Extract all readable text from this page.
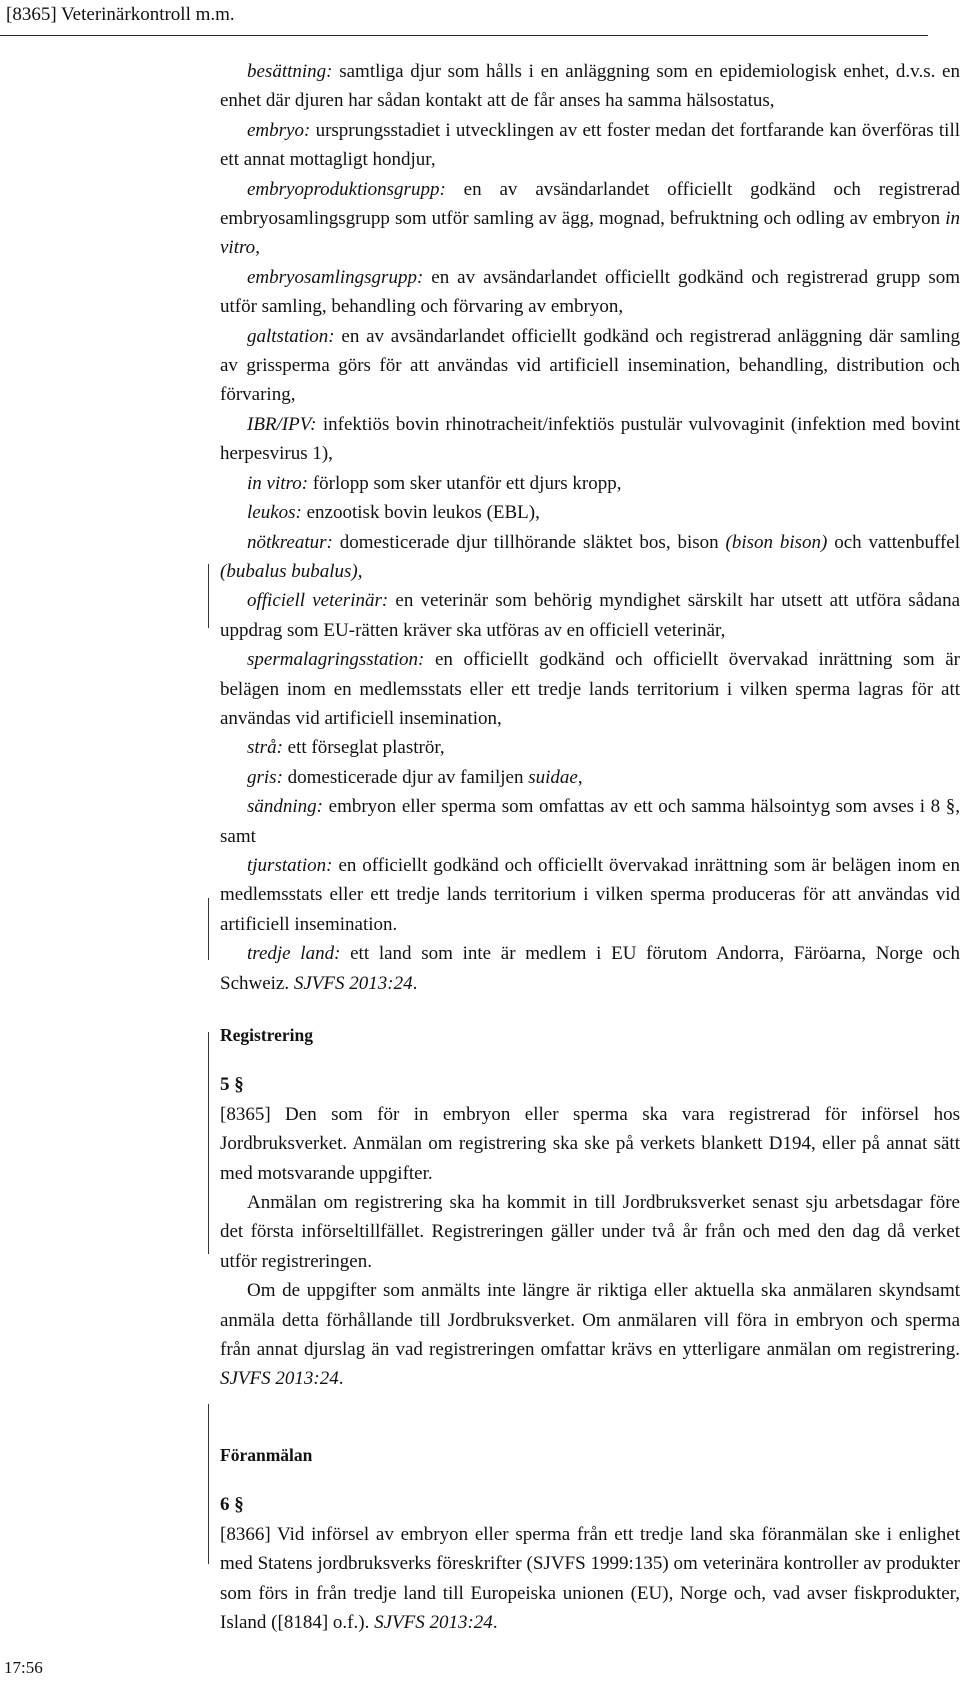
[8365] Veterinärkontroll m.m.

besättning: samtliga djur som hålls i en anläggning som en epidemiologisk enhet, d.v.s. en enhet där djuren har sådan kontakt att de får anses ha samma hälsostatus,

embryo: ursprungsstadiet i utvecklingen av ett foster medan det fortfarande kan överföras till ett annat mottagligt hondjur,

embryoproduktionsgrupp: en av avsändarlandet officiellt godkänd och registrerad embryosamlingsgrupp som utför samling av ägg, mognad, befruktning och odling av embryon in vitro,

embryosamlingsgrupp: en av avsändarlandet officiellt godkänd och registrerad grupp som utför samling, behandling och förvaring av embryon,

galtstation: en av avsändarlandet officiellt godkänd och registrerad anläggning där samling av grissperma görs för att användas vid artificiell insemination, behandling, distribution och förvaring,

IBR/IPV: infektiös bovin rhinotracheit/infektiös pustulär vulvovaginit (infektion med bovint herpesvirus 1),

in vitro: förlopp som sker utanför ett djurs kropp,

leukos: enzootisk bovin leukos (EBL),

nötkreatur: domesticerade djur tillhörande släktet bos, bison (bison bison) och vattenbuffel (bubalus bubalus),

officiell veterinär: en veterinär som behörig myndighet särskilt har utsett att utföra sådana uppdrag som EU-rätten kräver ska utföras av en officiell veterinär,

spermalagringsstation: en officiellt godkänd och officiellt övervakad inrättning som är belägen inom en medlemsstats eller ett tredje lands territorium i vilken sperma lagras för att användas vid artificiell insemination,

strå: ett förseglat plaströr,

gris: domesticerade djur av familjen suidae,

sändning: embryon eller sperma som omfattas av ett och samma hälsointyg som avses i 8 §, samt

tjurstation: en officiellt godkänd och officiellt övervakad inrättning som är belägen inom en medlemsstats eller ett tredje lands territorium i vilken sperma produceras för att användas vid artificiell insemination.

tredje land: ett land som inte är medlem i EU förutom Andorra, Färöarna, Norge och Schweiz. SJVFS 2013:24.

Registrering

5 §

[8365] Den som för in embryon eller sperma ska vara registrerad för införsel hos Jordbruksverket. Anmälan om registrering ska ske på verkets blankett D194, eller på annat sätt med motsvarande uppgifter.

Anmälan om registrering ska ha kommit in till Jordbruksverket senast sju arbetsdagar före det första införseltillfället. Registreringen gäller under två år från och med den dag då verket utför registreringen.

Om de uppgifter som anmälts inte längre är riktiga eller aktuella ska anmälaren skyndsamt anmäla detta förhållande till Jordbruksverket. Om anmälaren vill föra in embryon och sperma från annat djurslag än vad registreringen omfattar krävs en ytterligare anmälan om registrering. SJVFS 2013:24.

Föranmälan

6 §

[8366] Vid införsel av embryon eller sperma från ett tredje land ska föranmälan ske i enlighet med Statens jordbruksverks föreskrifter (SJVFS 1999:135) om veterinära kontroller av produkter som förs in från tredje land till Europeiska unionen (EU), Norge och, vad avser fiskprodukter, Island ([8184] o.f.). SJVFS 2013:24.

17:56
